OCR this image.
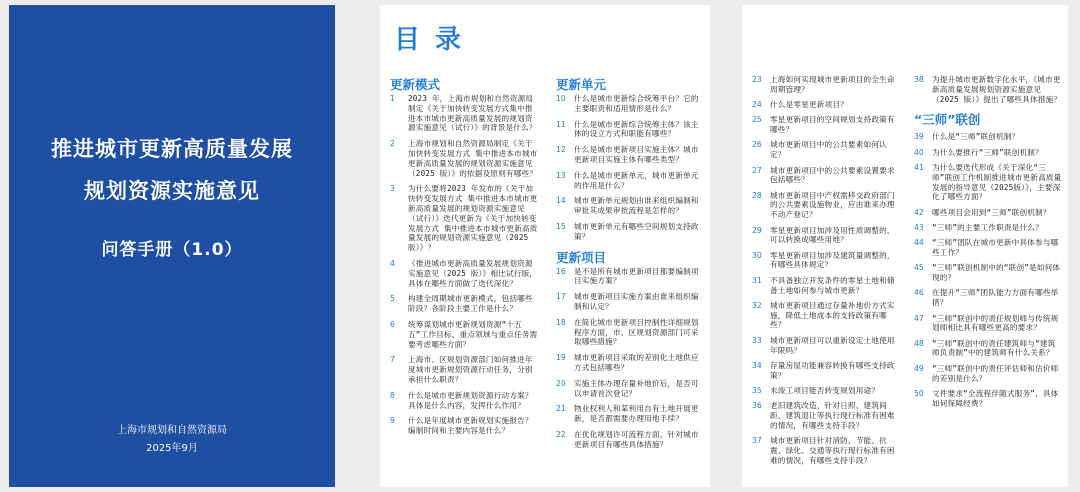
推进城市更新高质量发展
规划资源实施意见
问答手册（1.0）
上海市规划和自然资源局
2025年9月
目 录
更新模式
1	2023 年，上海市规划和自然资源局制定《关于加快转变发展方式集中推进本市城市更新高质量发展的规划资源实施意见（试行）》的背景是什么？
2	上海市规划和自然资源局制定《关于加快转变发展方式 集中推进本市城市更新高质量发展的规划资源实施意见（2025 版）》的依据及原则有哪些？
3	为什么要将2023 年发布的《关于加快转变发展方式 集中推进本市城市更新高质量发展的规划资源实施意见（试行）》迭代更新为《关于加快转变发展方式 集中推进本市城市更新高质量发展的规划资源实施意见（2025 版）》？
4	《推进城市更新高质量发展规划资源实施意见（2025 版）》相比试行版，具体在哪些方面做了迭代深化？
5	构建全周期城市更新模式，包括哪些阶段？各阶段主要工作是什么？
6	统筹谋划城市更新规划资源“十五五”工作目标、重点领域与重点任务需要考虑哪些方面？
7	上海市、区规划资源部门如何推进年度城市更新规划资源行动任务，分别承担什么职责？
8	什么是城市更新规划资源行动方案？具体是什么内容，发挥什么作用？
9	什么是年度城市更新规划实施报告？编制时间和主要内容是什么？
更新单元
10	什么是城市更新综合统筹平台？它的主要职责和适用情形是什么？
11	什么是城市更新综合统筹主体？该主体的设立方式和职能有哪些？
12	什么是城市更新项目实施主体？城市更新项目实施主体有哪些类型？
13	什么是城市更新单元，城市更新单元的作用是什么？
14	城市更新单元规划由谁来组织编制和审批其成果审批流程是怎样的？
15	城市更新单元有哪些空间规划支持政策？
更新项目
16	是不是所有城市更新项目都要编制项目实施方案？
17	城市更新项目实施方案由谁来组织编制和认定？
18	在简化城市更新项目控制性详细规划程序方面，市、区规划资源部门可采取哪些措施？
19	城市更新项目采取的差别化土地供应方式包括哪些？
20	实施主体办理存量补地价后，是否可以申请首次登记？
21	物业权利人和某利用自有土地开展更新，是否都需要办理用地手续？
22	在优化规划许可流程方面，针对城市更新项目有哪些具体措施？
23	上海如何实现城市更新项目的全生命周期管理？
24	什么是零星更新项目？
25	零星更新项目的空间规划支持政策有哪些？
26	城市更新项目中的公共要素如何认定？
27	城市更新项目中的公共要素设置要求包括哪些？
28	城市更新项目中产权需移交政府部门的公共要素设施物业，应由谁来办理不动产登记？
29	零星更新项目加涉及用性质调整的，可以转换成哪些用地？
30	零星更新项目加涉及建筑量调整的，有哪些具体规定？
31	不具备独立开发条件的零星土地和储备土地如何参与城市更新？
32	城市更新项目通过存量补地价方式实施，降低土地成本的支持政策有哪些？
33	城市更新项目可以重新设定土地使用年限吗？
34	存量房屋功能兼容转换有哪些支持政策？
35	未竣工项目能否转变规划用途？
36	老旧建筑改造，针对日照、建筑间距、建筑退让等执行现行标准有困难的情况，有哪些支持手段？
37	城市更新项目针对消防、节能、抗震、绿化、交通等执行现行标准有困难的情况，有哪些支持手段？
38	为提升城市更新数字化水平，《城市更新高质量发展规划资源实施意见（2025 版）》提出了哪些具体措施？
“三师”联创
39	什么是“三师”联创机制？
40	为什么要推行“三师”联创机制？
41	为什么要迭代形成《关于深化“三师”联创工作机制推进城市更新高质量发展的指导意见（2025版）》，主要深化了哪些方面？
42	哪些项目会用到“三师”联创机制？
43	“三师”的主要工作职责是什么？
44	“三师”团队在城市更新中具体参与哪些工作？
45	“三师”联创机制中的“联创”是如何体现的？
46	在提升“三师”团队能力方面有哪些举措？
47	“三师”联创中的责任规划师与传统规划师相比具有哪些更高的要求？
48	“三师”联创中的责任建筑师与“建筑师负责制”中的建筑师有什么关系？
49	“三师”联创中的责任评估师和估价师的差别是什么？
50	文件要求“全流程伴随式服务”，具体如何保障经费？
